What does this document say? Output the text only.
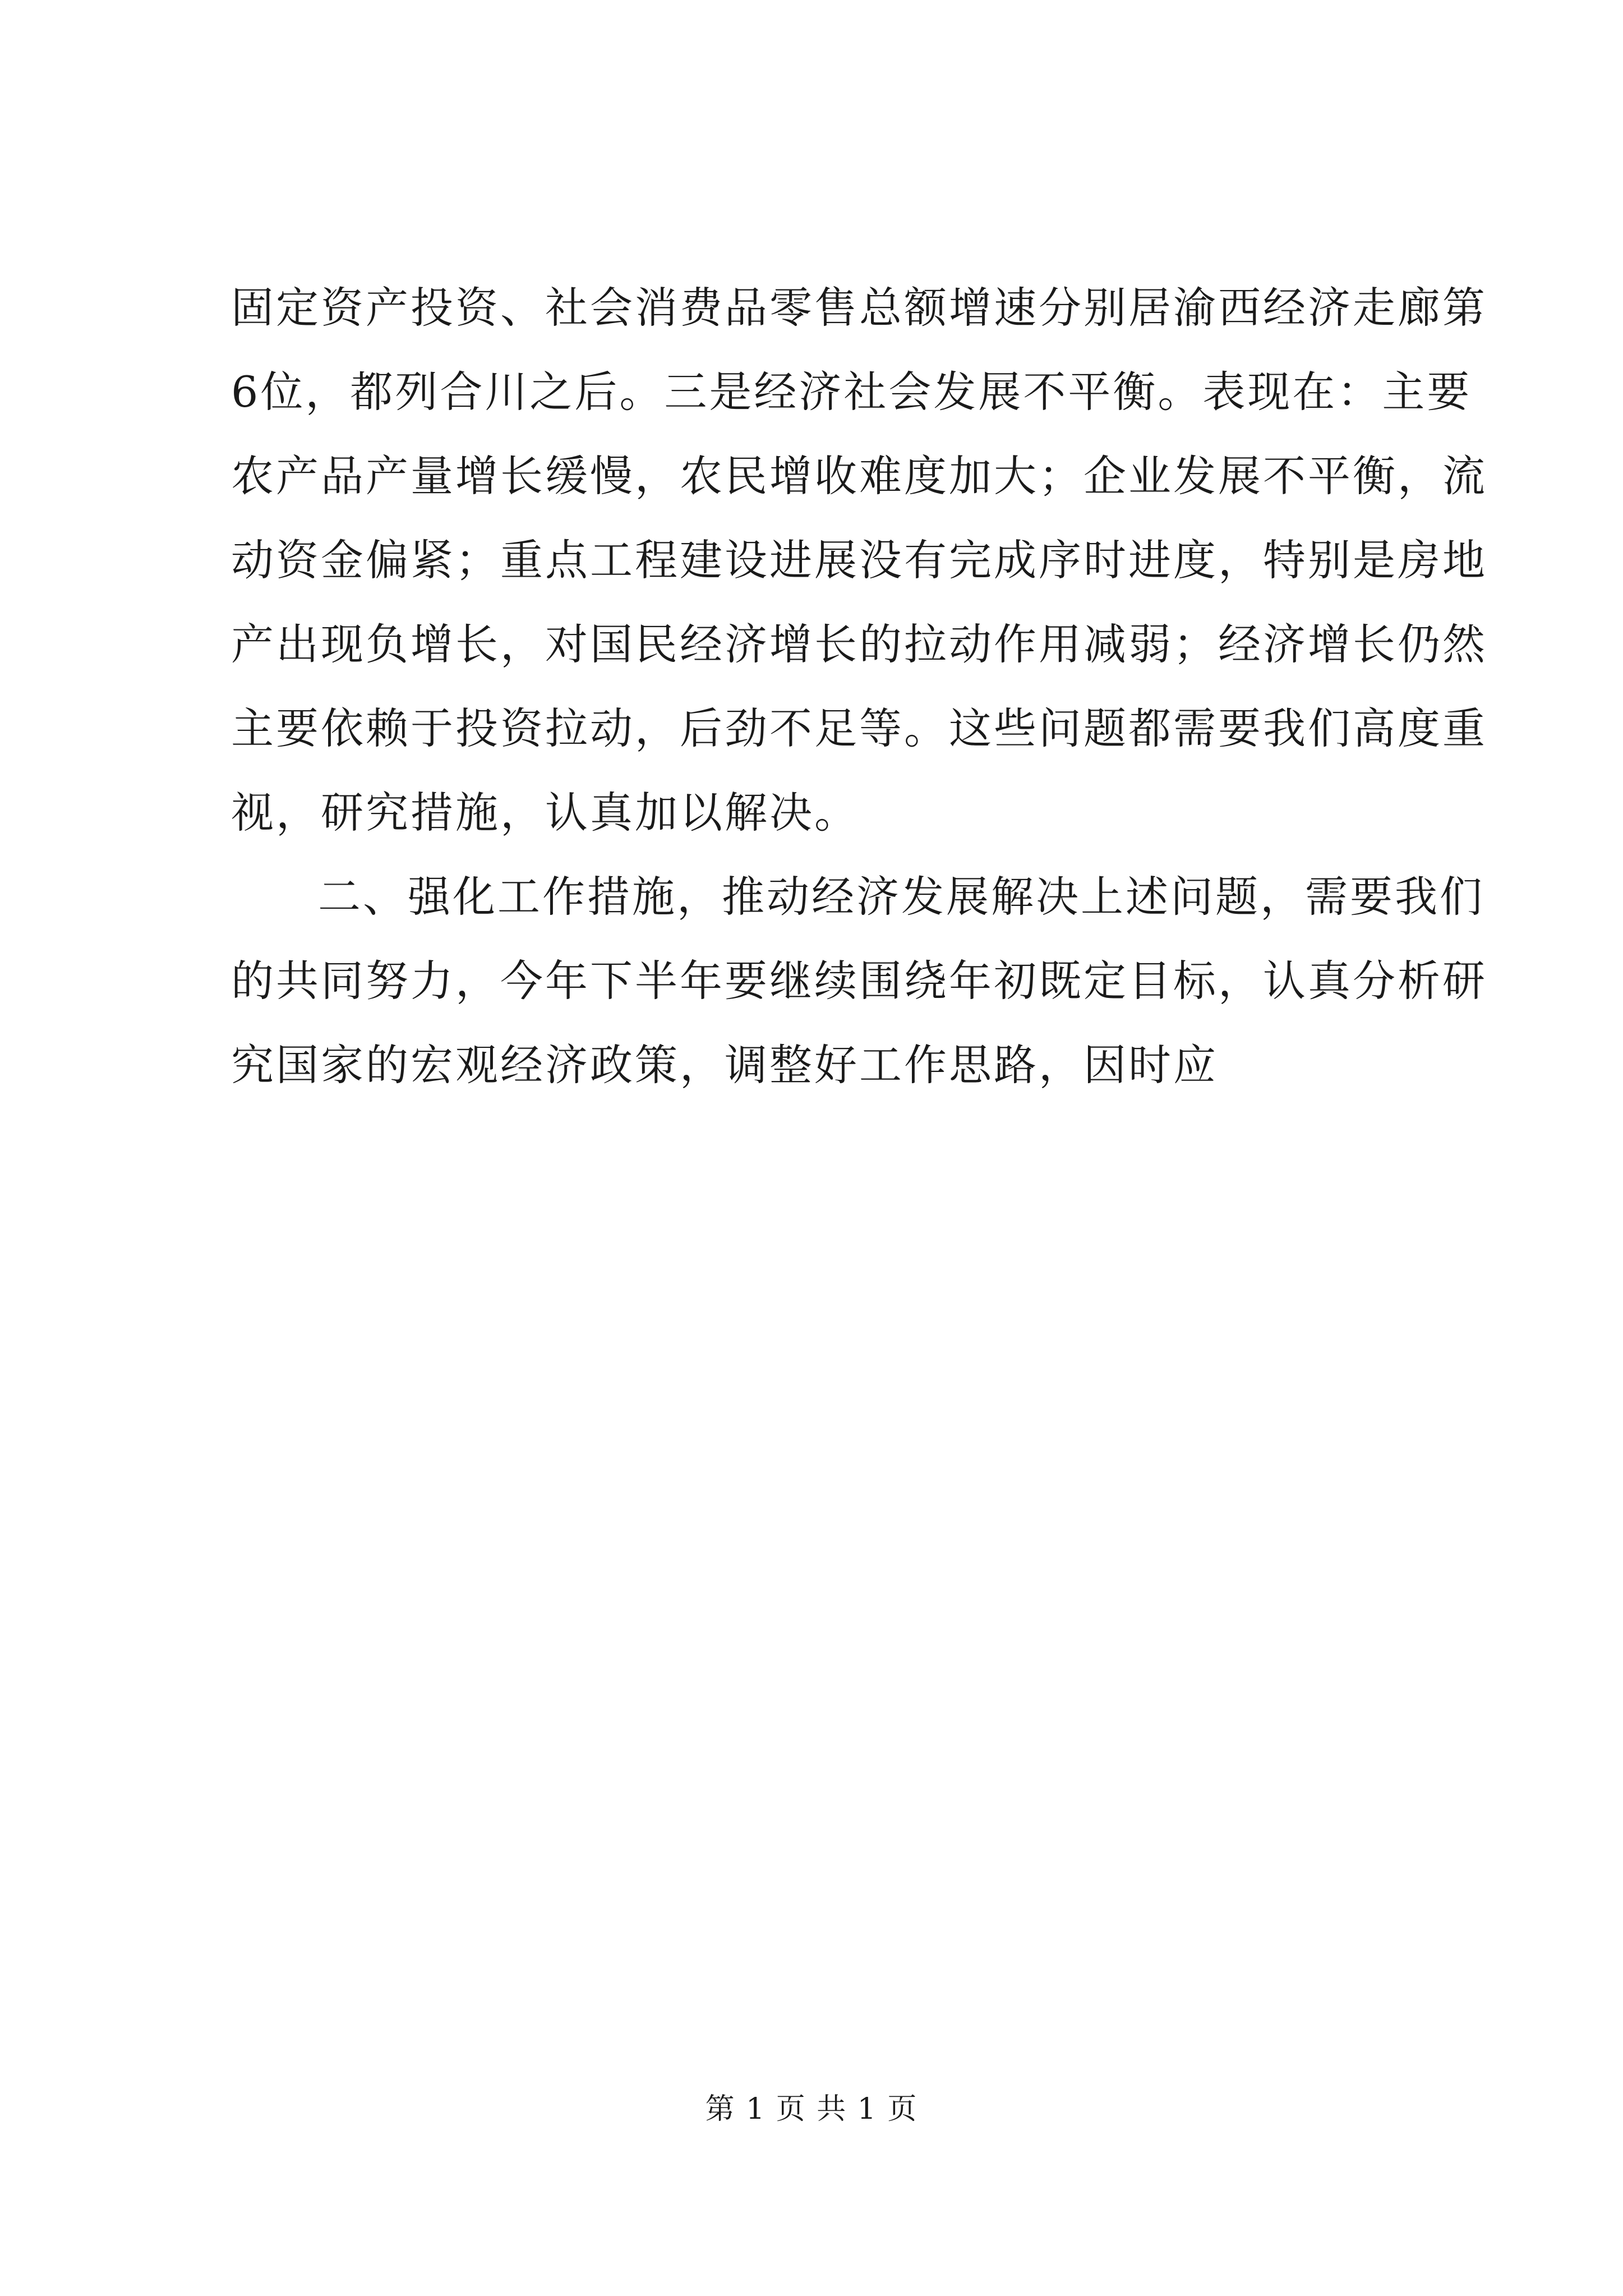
固定资产投资、社会消费品零售总额增速分别居渝西经济走廊第
6位，都列合川之后。三是经济社会发展不平衡。表现在：主要
农产品产量增长缓慢，农民增收难度加大；企业发展不平衡，流
动资金偏紧；重点工程建设进展没有完成序时进度，特别是房地
产出现负增长，对国民经济增长的拉动作用减弱；经济增长仍然
主要依赖于投资拉动，后劲不足等。这些问题都需要我们高度重
视，研究措施，认真加以解决。
二、强化工作措施，推动经济发展解决上述问题，需要我们
的共同努力，今年下半年要继续围绕年初既定目标，认真分析研
究国家的宏观经济政策，调整好工作思路，因时应
第 1 页 共 1 页
